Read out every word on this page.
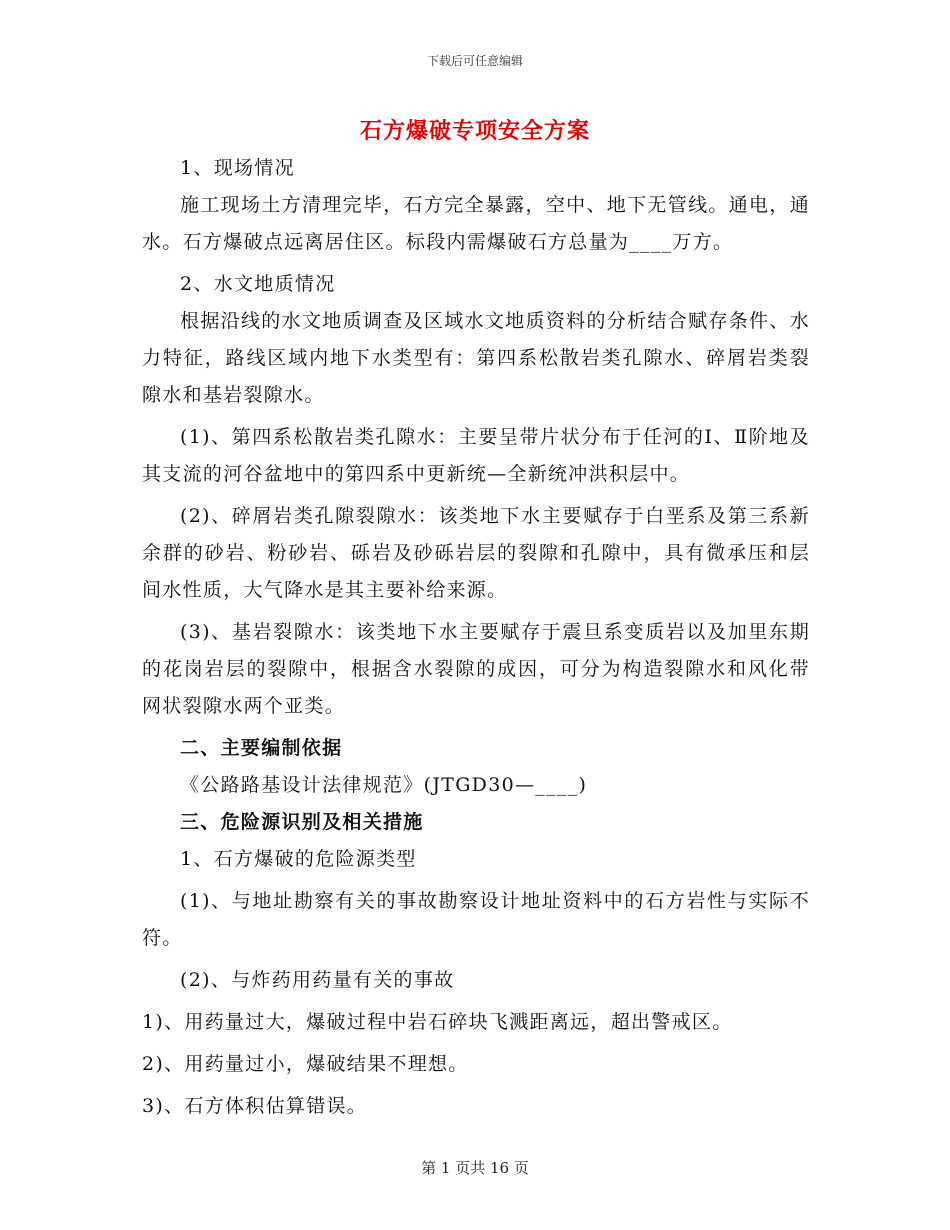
下载后可任意编辑
石方爆破专项安全方案

1、现场情况

施工现场土方清理完毕，石方完全暴露，空中、地下无管线。通电，通水。石方爆破点远离居住区。标段内需爆破石方总量为____万方。

2、水文地质情况

根据沿线的水文地质调查及区域水文地质资料的分析结合赋存条件、水力特征，路线区域内地下水类型有：第四系松散岩类孔隙水、碎屑岩类裂隙水和基岩裂隙水。

(1)、第四系松散岩类孔隙水：主要呈带片状分布于任河的Ⅰ、Ⅱ阶地及其支流的河谷盆地中的第四系中更新统—全新统冲洪积层中。

(2)、碎屑岩类孔隙裂隙水：该类地下水主要赋存于白垩系及第三系新余群的砂岩、粉砂岩、砾岩及砂砾岩层的裂隙和孔隙中，具有微承压和层间水性质，大气降水是其主要补给来源。

(3)、基岩裂隙水：该类地下水主要赋存于震旦系变质岩以及加里东期的花岗岩层的裂隙中，根据含水裂隙的成因，可分为构造裂隙水和风化带网状裂隙水两个亚类。

二、主要编制依据

《公路路基设计法律规范》(JTGD30—____)

三、危险源识别及相关措施

1、石方爆破的危险源类型

(1)、与地址勘察有关的事故勘察设计地址资料中的石方岩性与实际不符。

(2)、与炸药用药量有关的事故

1)、用药量过大，爆破过程中岩石碎块飞溅距离远，超出警戒区。

2)、用药量过小，爆破结果不理想。

3)、石方体积估算错误。

第 1 页共 16 页
